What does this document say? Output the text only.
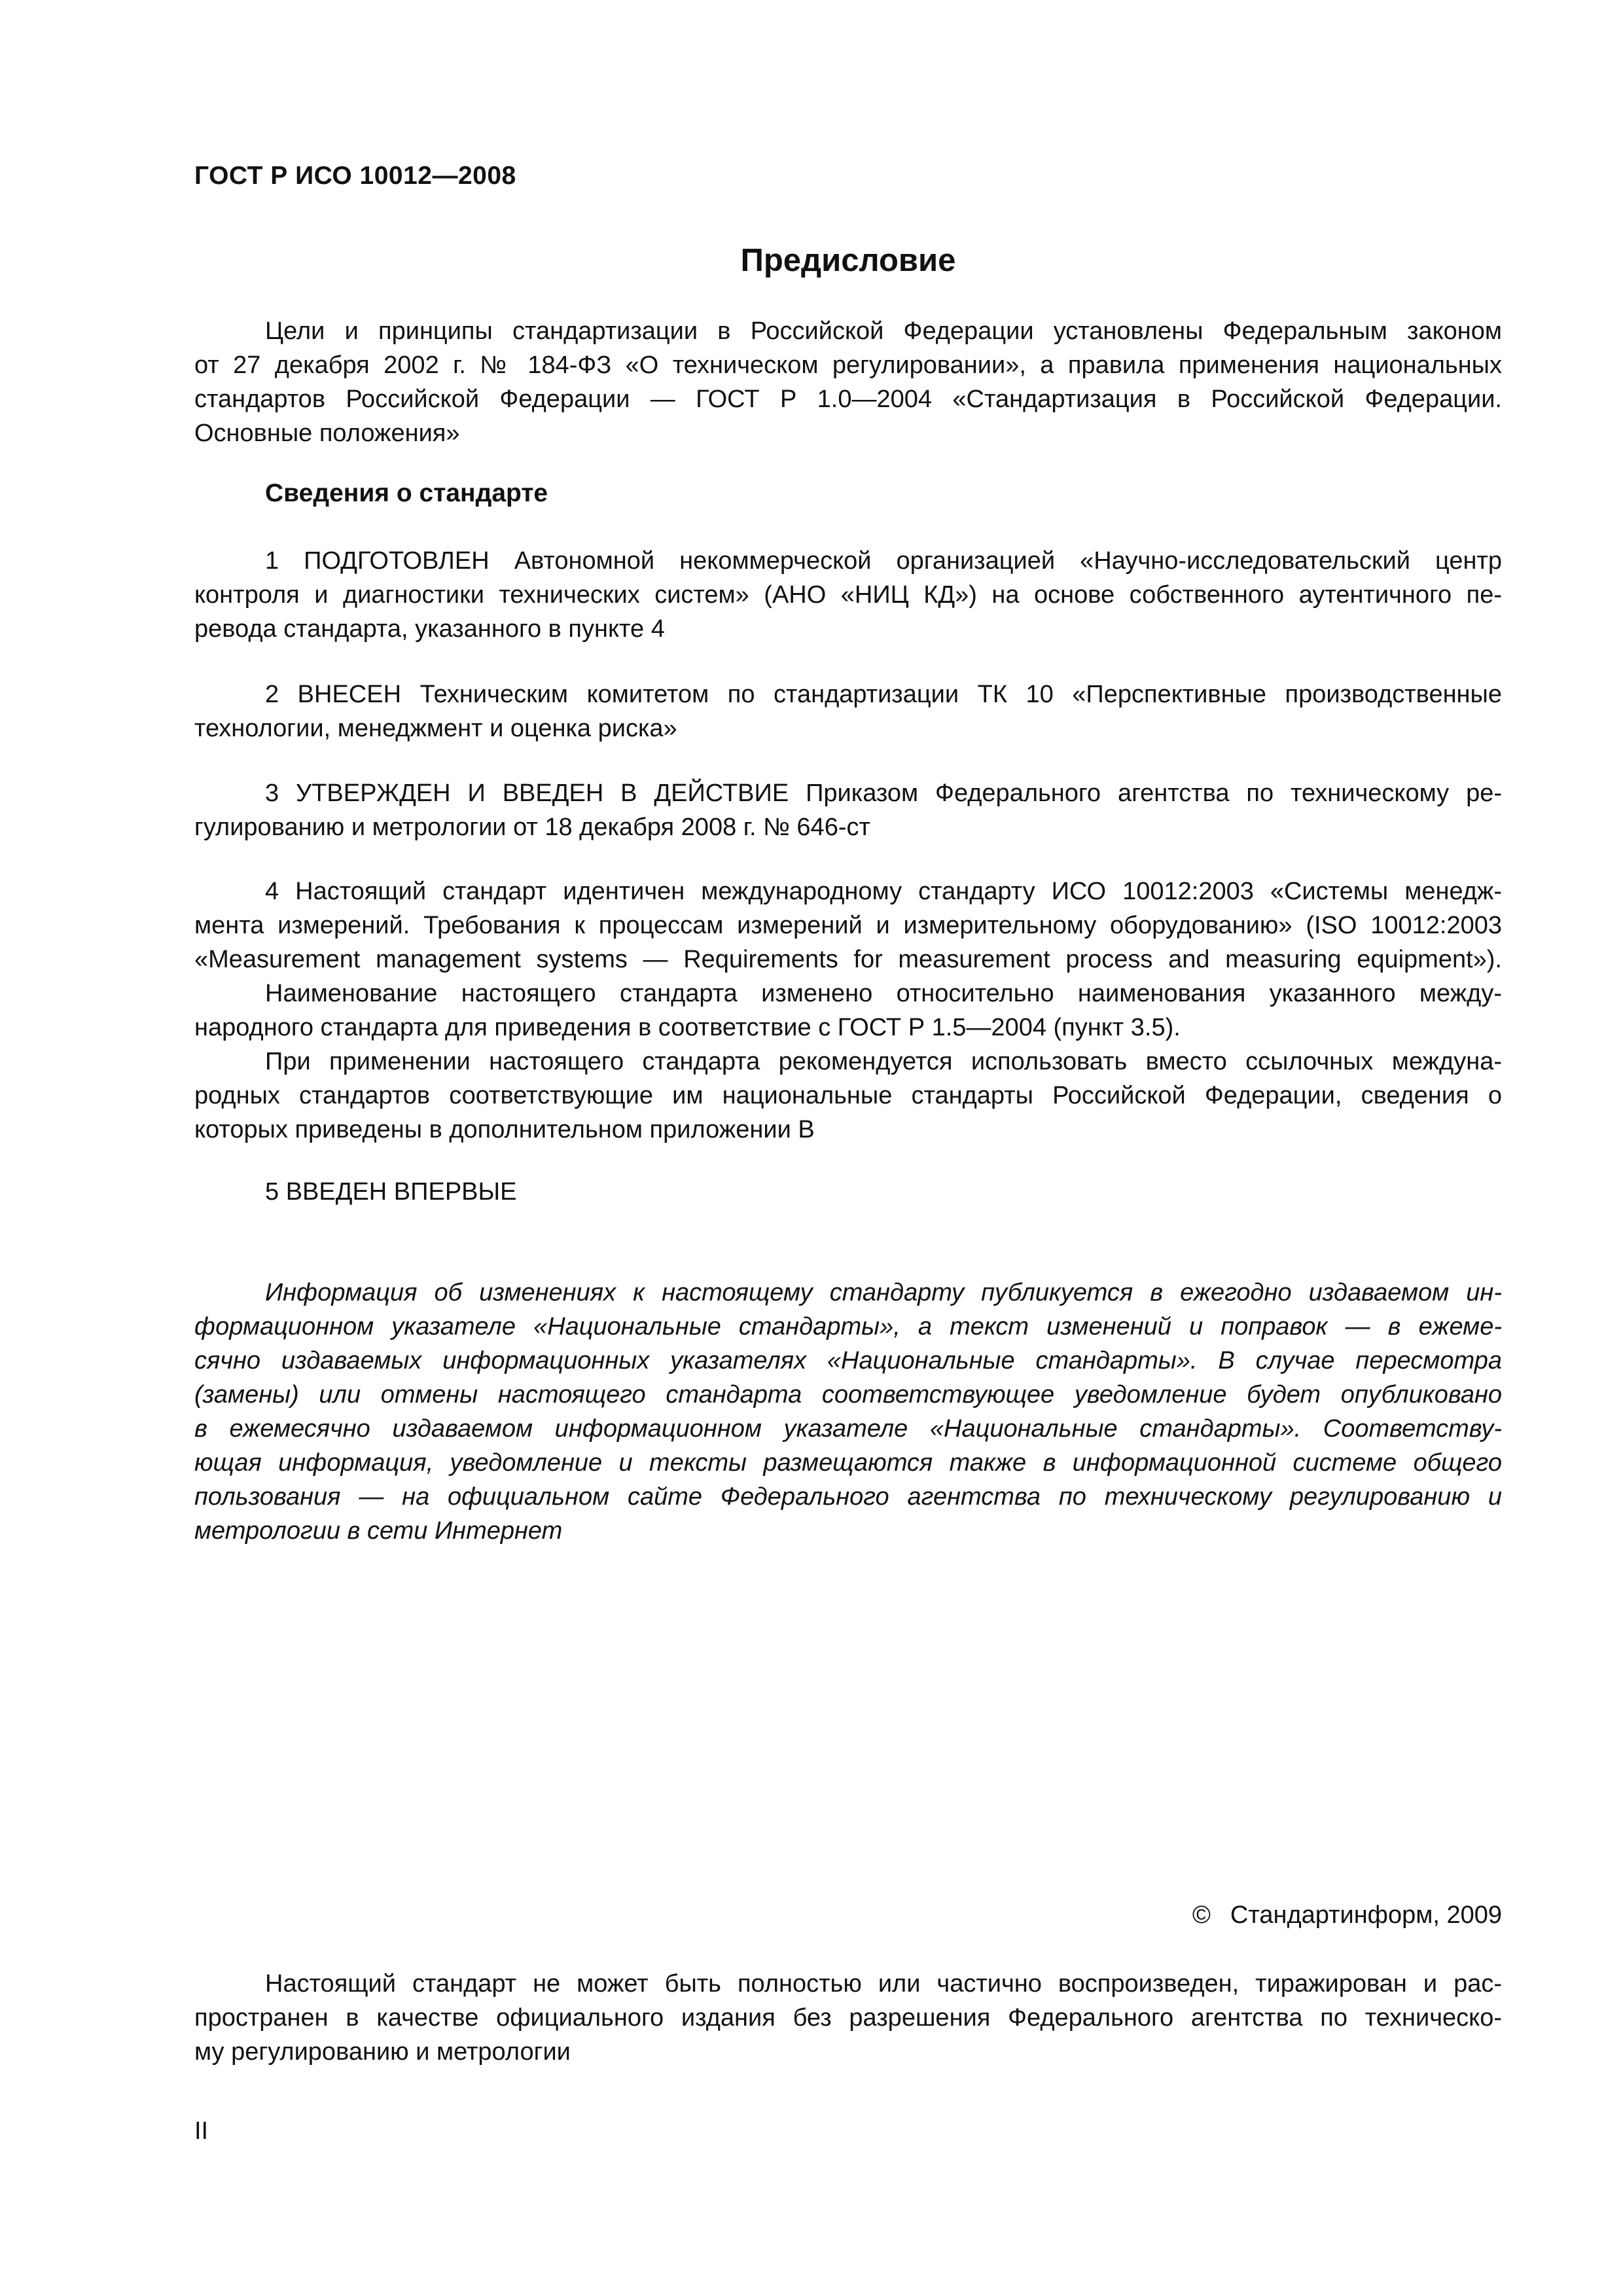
ГОСТ Р ИСО 10012—2008
Предисловие
Цели и принципы стандартизации в Российской Федерации установлены Федеральным законом
от 27 декабря 2002 г. № 184-ФЗ «О техническом регулировании», а правила применения национальных
стандартов Российской Федерации — ГОСТ Р 1.0—2004 «Стандартизация в Российской Федерации.
Основные положения»
Сведения о стандарте
1 ПОДГОТОВЛЕН Автономной некоммерческой организацией «Научно-исследовательский центр
контроля и диагностики технических систем» (АНО «НИЦ КД») на основе собственного аутентичного пе-
ревода стандарта, указанного в пункте 4
2 ВНЕСЕН Техническим комитетом по стандартизации ТК 10 «Перспективные производственные
технологии, менеджмент и оценка риска»
3 УТВЕРЖДЕН И ВВЕДЕН В ДЕЙСТВИЕ Приказом Федерального агентства по техническому ре-
гулированию и метрологии от 18 декабря 2008 г. № 646-ст
4 Настоящий стандарт идентичен международному стандарту ИСО 10012:2003 «Системы менедж-
мента измерений. Требования к процессам измерений и измерительному оборудованию» (ISO 10012:2003
«Measurement management systems — Requirements for measurement process and measuring equipment»).
Наименование настоящего стандарта изменено относительно наименования указанного между-
народного стандарта для приведения в соответствие с ГОСТ Р 1.5—2004 (пункт 3.5).
При применении настоящего стандарта рекомендуется использовать вместо ссылочных междуна-
родных стандартов соответствующие им национальные стандарты Российской Федерации, сведения о
которых приведены в дополнительном приложении В
5 ВВЕДЕН ВПЕРВЫЕ
Информация об изменениях к настоящему стандарту публикуется в ежегодно издаваемом ин-
формационном указателе «Национальные стандарты», а текст изменений и поправок — в ежеме-
сячно издаваемых информационных указателях «Национальные стандарты». В случае пересмотра
(замены) или отмены настоящего стандарта соответствующее уведомление будет опубликовано
в ежемесячно издаваемом информационном указателе «Национальные стандарты». Соответству-
ющая информация, уведомление и тексты размещаются также в информационной системе общего
пользования — на официальном сайте Федерального агентства по техническому регулированию и
метрологии в сети Интернет
© Стандартинформ, 2009
Настоящий стандарт не может быть полностью или частично воспроизведен, тиражирован и рас-
пространен в качестве официального издания без разрешения Федерального агентства по техническо-
му регулированию и метрологии
II
